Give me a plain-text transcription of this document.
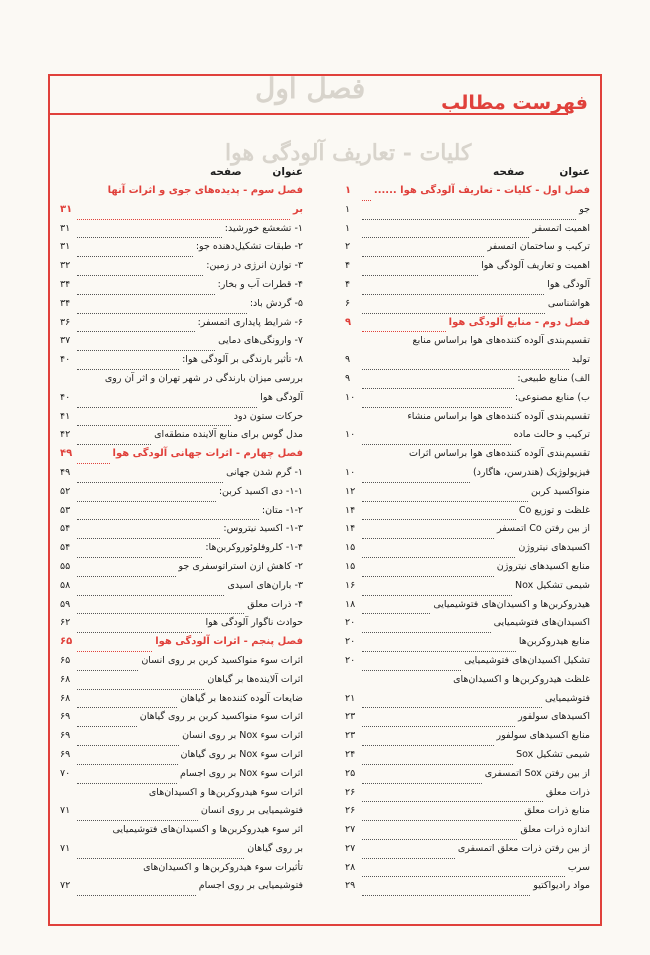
فصل اول
کلیات - تعاریف آلودگی هوا
فهرست مطالب
عنوان
صفحه
فصل اول - کلیات - تعاریف آلودگی هوا ......
۱
جو
۱
اهمیت اتمسفر
۱
ترکیب و ساختمان اتمسفر
۲
اهمیت و تعاریف آلودگی هوا
۴
آلودگی هوا
۴
هواشناسی
۶
فصل دوم - منابع آلودگی هوا
۹
تقسیم‌بندی آلوده کننده‌های هوا براساس منابع
تولید
۹
الف) منابع طبیعی:
۹
ب) منابع مصنوعی:
۱۰
تقسیم‌بندی آلوده کننده‌های هوا براساس منشاء
ترکیب و حالت ماده
۱۰
تقسیم‌بندی آلوده کننده‌های هوا براساس اثرات
فیزیولوژیک (هندرسن، هاگارد)
۱۰
منواکسید کربن
۱۲
غلظت و توزیع Co
۱۴
از بین رفتن Co اتمسفر
۱۴
اکسیدهای نیتروژن
۱۵
منابع اکسیدهای نیتروژن
۱۵
شیمی تشکیل Nox
۱۶
هیدروکربن‌ها و اکسیدان‌های فتوشیمیایی
۱۸
اکسیدان‌های فتوشیمیایی
۲۰
منابع هیدروکربن‌ها
۲۰
تشکیل اکسیدان‌های فتوشیمیایی
۲۰
غلظت هیدروکربن‌ها و اکسیدان‌های
فتوشیمیایی
۲۱
اکسیدهای سولفور
۲۳
منابع اکسیدهای سولفور
۲۳
شیمی تشکیل Sox
۲۴
از بین رفتن Sox اتمسفری
۲۵
ذرات معلق
۲۶
منابع ذرات معلق
۲۶
اندازه ذرات معلق
۲۷
از بین رفتن ذرات معلق اتمسفری
۲۷
سرب
۲۸
مواد رادیواکتیو
۲۹
عنوان
صفحه
فصل سوم - پدیده‌های جوی و اثرات آنها
بر
۳۱
۱- تشعشع خورشید:
۳۱
۲- طبقات تشکیل‌دهنده جو:
۳۱
۳- توازن انرژی در زمین:
۳۲
۴- قطرات آب و بخار:
۳۴
۵- گردش باد:
۳۴
۶- شرایط پایداری اتمسفر:
۳۶
۷- وارونگی‌های دمایی
۳۷
۸- تأثیر بارندگی بر آلودگی هوا:
۴۰
بررسی میزان بارندگی در شهر تهران و اثر آن روی
آلودگی هوا
۴۰
حرکات ستون دود
۴۱
مدل گوس برای منابع آلاینده منطقه‌ای
۴۲
فصل چهارم - اثرات جهانی آلودگی هوا
۴۹
۱- گرم شدن جهانی
۴۹
۱-۱- دی اکسید کربن:
۵۲
۱-۲- متان:
۵۳
۱-۳- اکسید نیتروس:
۵۴
۱-۴- کلروفلوئوروکربن‌ها:
۵۴
۲- کاهش ازن استراتوسفری جو
۵۵
۳- باران‌های اسیدی
۵۸
۴- ذرات معلق
۵۹
حوادث ناگوار آلودگی هوا
۶۲
فصل پنجم - اثرات آلودگی هوا
۶۵
اثرات سوء منواکسید کربن بر روی انسان
۶۵
اثرات آلاینده‌ها بر گیاهان
۶۸
ضایعات آلوده کننده‌ها بر گیاهان
۶۸
اثرات سوء منواکسید کربن بر روی گیاهان
۶۹
اثرات سوء Nox بر روی انسان
۶۹
اثرات سوء Nox بر روی گیاهان
۶۹
اثرات سوء Nox بر روی اجسام
۷۰
اثرات سوء هیدروکربن‌ها و اکسیدان‌های
فتوشیمیایی بر روی انسان
۷۱
اثر سوء هیدروکربن‌ها و اکسیدان‌های فتوشیمیایی
بر روی گیاهان
۷۱
تأثیرات سوء هیدروکربن‌ها و اکسیدان‌های
فتوشیمیایی بر روی اجسام
۷۲
